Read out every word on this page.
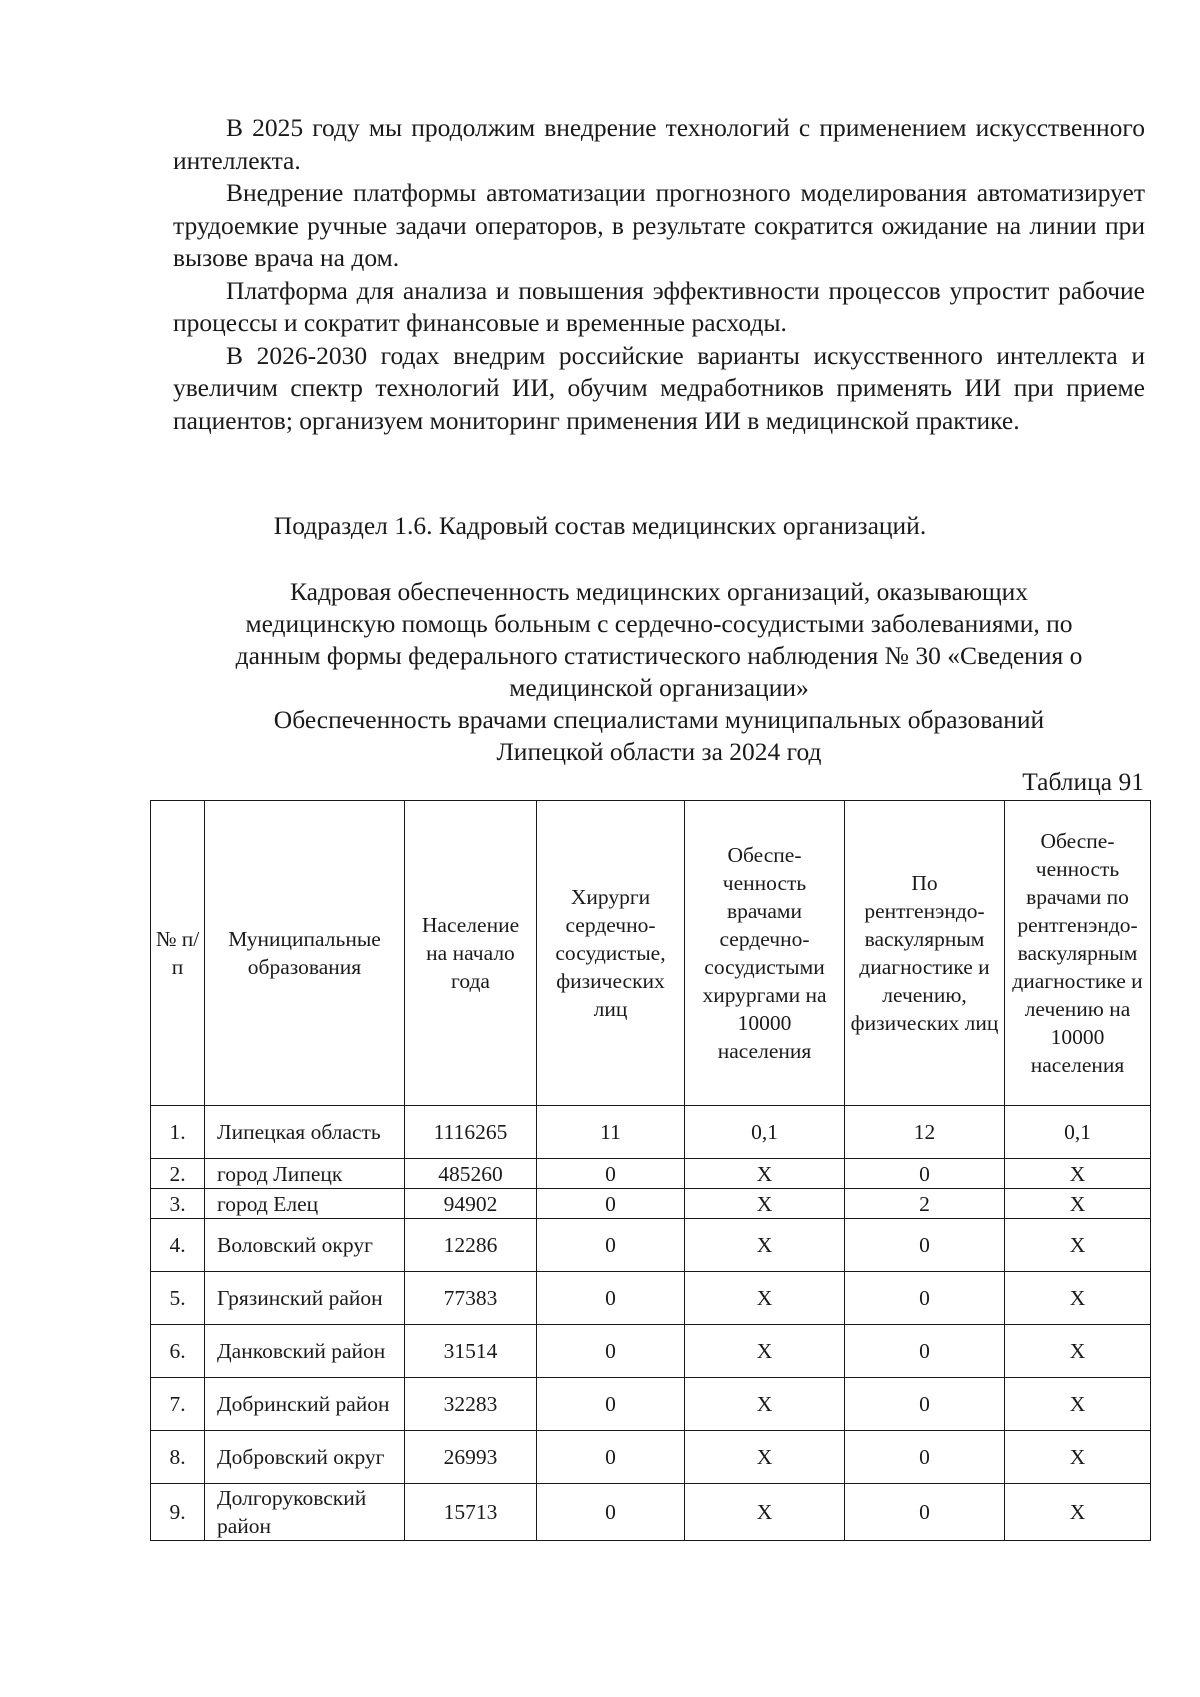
В 2025 году мы продолжим внедрение технологий с применением искусственного интеллекта.

Внедрение платформы автоматизации прогнозного моделирования автоматизирует трудоемкие ручные задачи операторов, в результате сократится ожидание на линии при вызове врача на дом.

Платформа для анализа и повышения эффективности процессов упростит рабочие процессы и сократит финансовые и временные расходы.

В 2026-2030 годах внедрим российские варианты искусственного интеллекта и увеличим спектр технологий ИИ, обучим медработников применять ИИ при приеме пациентов; организуем мониторинг применения ИИ в медицинской практике.

Подраздел 1.6. Кадровый состав медицинских организаций.
Кадровая обеспеченность медицинских организаций, оказывающих
медицинскую помощь больным с сердечно-сосудистыми заболеваниями, по
данным формы федерального статистического наблюдения № 30 «Сведения о
медицинской организации»
Обеспеченность врачами специалистами муниципальных образований
Липецкой области за 2024 год
Таблица 91
№ п/п	Муниципальные образования	Население на начало года	Хирурги сердечно-сосудистые, физических лиц	Обеспе-ченность врачами сердечно-сосудистыми хирургами на 10000 населения	По рентгенэндо-васкулярным диагностике и лечению, физических лиц	Обеспе-ченность врачами по рентгенэндо-васкулярным диагностике и лечению на 10000 населения
1.	Липецкая область	1116265	11	0,1	12	0,1
2.	город Липецк	485260	0	X	0	X
3.	город Елец	94902	0	X	2	X
4.	Воловский округ	12286	0	X	0	X
5.	Грязинский район	77383	0	X	0	X
6.	Данковский район	31514	0	X	0	X
7.	Добринский район	32283	0	X	0	X
8.	Добровский округ	26993	0	X	0	X
9.	Долгоруковский район	15713	0	X	0	X
